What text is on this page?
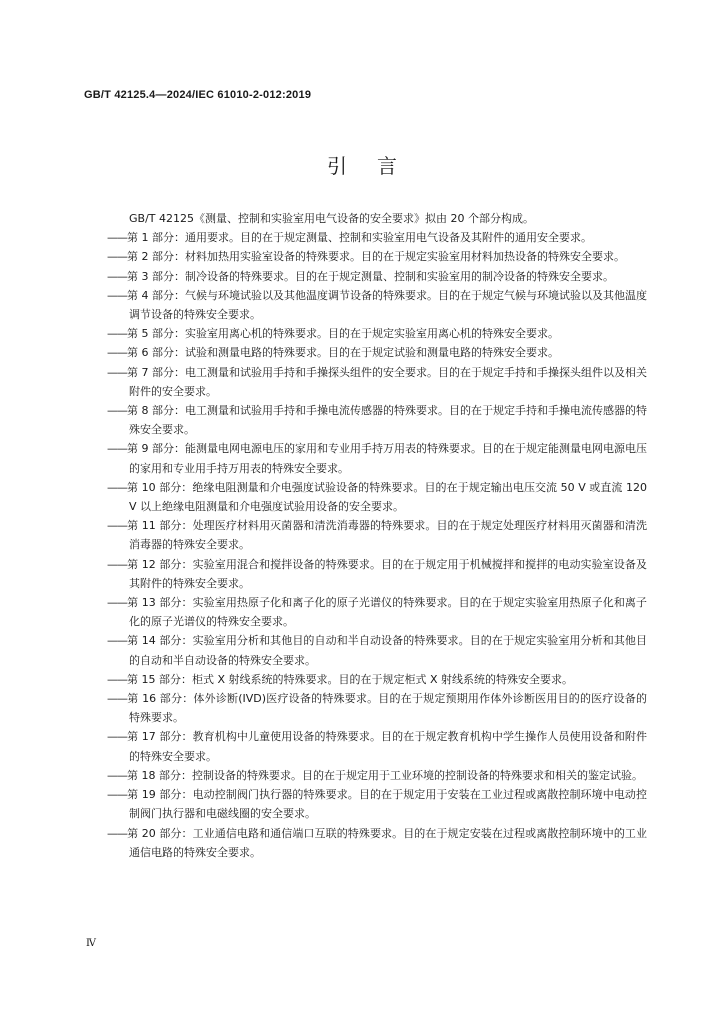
GB/T 42125.4—2024/IEC 61010-2-012:2019
引言

GB/T 42125《测量、控制和实验室用电气设备的安全要求》拟由 20 个部分构成。

——第 1 部分：通用要求。目的在于规定测量、控制和实验室用电气设备及其附件的通用安全要求。

——第 2 部分：材料加热用实验室设备的特殊要求。目的在于规定实验室用材料加热设备的特殊安全要求。

——第 3 部分：制冷设备的特殊要求。目的在于规定测量、控制和实验室用的制冷设备的特殊安全要求。

——第 4 部分：气候与环境试验以及其他温度调节设备的特殊要求。目的在于规定气候与环境试验以及其他温度调节设备的特殊安全要求。

——第 5 部分：实验室用离心机的特殊要求。目的在于规定实验室用离心机的特殊安全要求。

——第 6 部分：试验和测量电路的特殊要求。目的在于规定试验和测量电路的特殊安全要求。

——第 7 部分：电工测量和试验用手持和手操探头组件的安全要求。目的在于规定手持和手操探头组件以及相关附件的安全要求。

——第 8 部分：电工测量和试验用手持和手操电流传感器的特殊要求。目的在于规定手持和手操电流传感器的特殊安全要求。

——第 9 部分：能测量电网电源电压的家用和专业用手持万用表的特殊要求。目的在于规定能测量电网电源电压的家用和专业用手持万用表的特殊安全要求。

——第 10 部分：绝缘电阻测量和介电强度试验设备的特殊要求。目的在于规定输出电压交流 50 V 或直流 120 V 以上绝缘电阻测量和介电强度试验用设备的安全要求。

——第 11 部分：处理医疗材料用灭菌器和清洗消毒器的特殊要求。目的在于规定处理医疗材料用灭菌器和清洗消毒器的特殊安全要求。

——第 12 部分：实验室用混合和搅拌设备的特殊要求。目的在于规定用于机械搅拌和搅拌的电动实验室设备及其附件的特殊安全要求。

——第 13 部分：实验室用热原子化和离子化的原子光谱仪的特殊要求。目的在于规定实验室用热原子化和离子化的原子光谱仪的特殊安全要求。

——第 14 部分：实验室用分析和其他目的自动和半自动设备的特殊要求。目的在于规定实验室用分析和其他目的自动和半自动设备的特殊安全要求。

——第 15 部分：柜式 X 射线系统的特殊要求。目的在于规定柜式 X 射线系统的特殊安全要求。

——第 16 部分：体外诊断(IVD)医疗设备的特殊要求。目的在于规定预期用作体外诊断医用目的的医疗设备的特殊要求。

——第 17 部分：教育机构中儿童使用设备的特殊要求。目的在于规定教育机构中学生操作人员使用设备和附件的特殊安全要求。

——第 18 部分：控制设备的特殊要求。目的在于规定用于工业环境的控制设备的特殊要求和相关的鉴定试验。

——第 19 部分：电动控制阀门执行器的特殊要求。目的在于规定用于安装在工业过程或离散控制环境中电动控制阀门执行器和电磁线圈的安全要求。

——第 20 部分：工业通信电路和通信端口互联的特殊要求。目的在于规定安装在过程或离散控制环境中的工业通信电路的特殊安全要求。

Ⅳ
